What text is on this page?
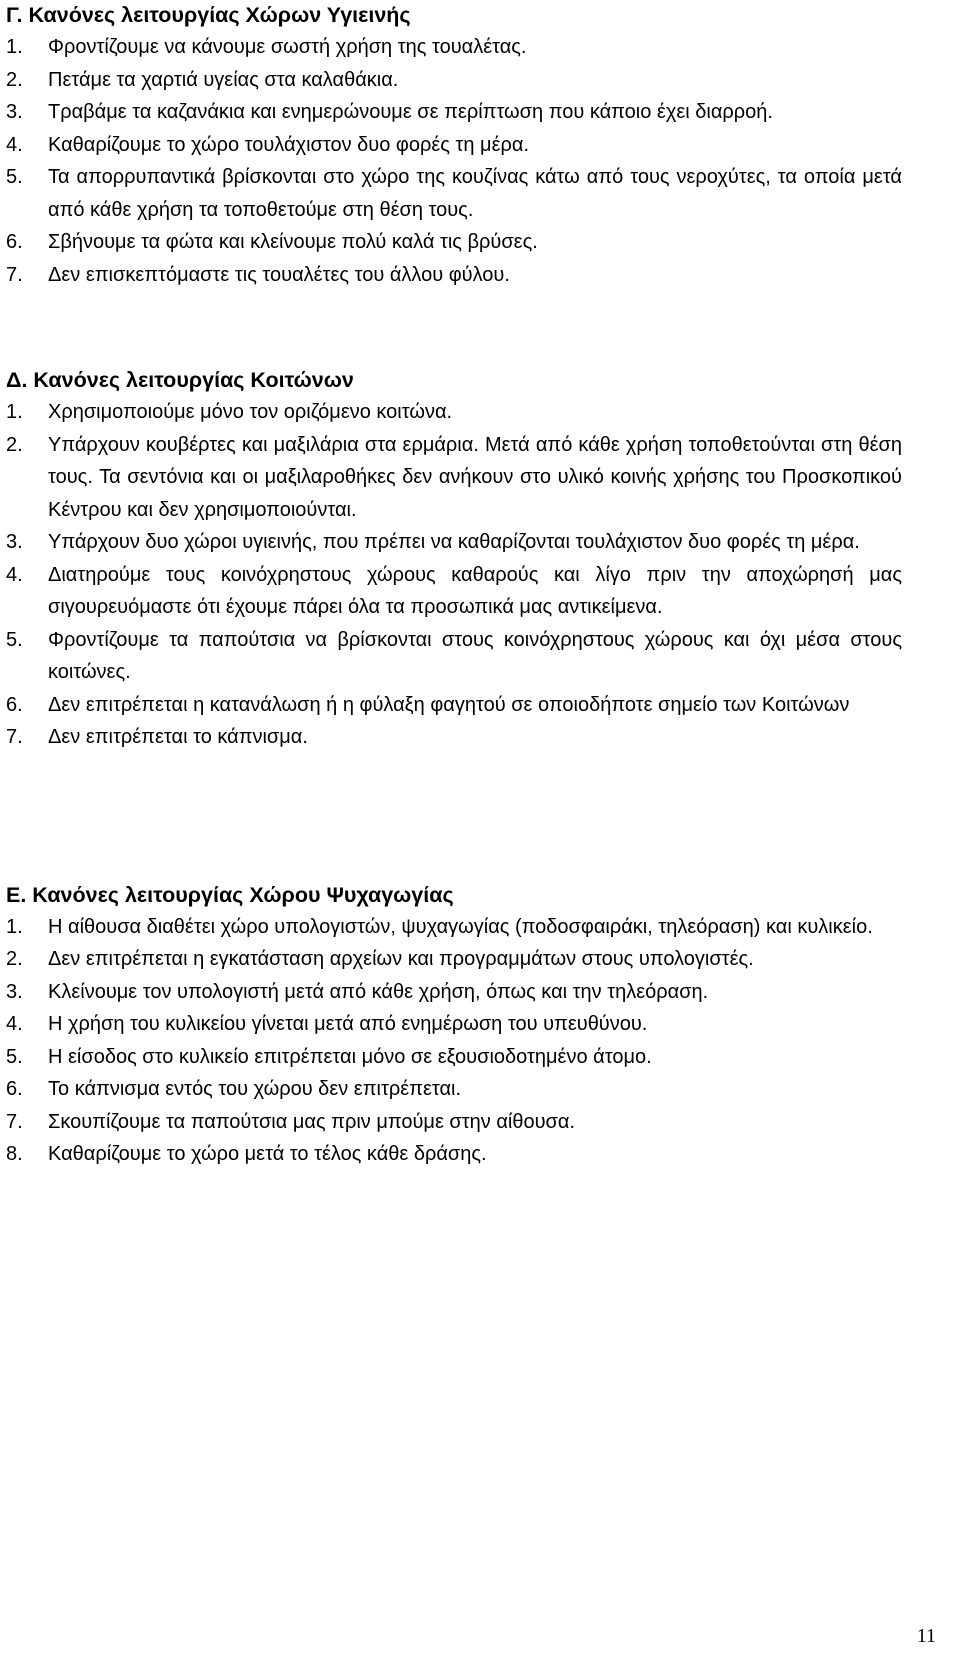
Γ. Κανόνες λειτουργίας Χώρων Υγιεινής
1.	Φροντίζουμε να κάνουμε σωστή χρήση της τουαλέτας.
2.	Πετάμε τα χαρτιά υγείας στα καλαθάκια.
3.	Τραβάμε τα καζανάκια και ενημερώνουμε σε περίπτωση που κάποιο έχει διαρροή.
4.	Καθαρίζουμε το χώρο τουλάχιστον δυο φορές τη μέρα.
5.	Τα απορρυπαντικά βρίσκονται στο χώρο της κουζίνας κάτω από τους νεροχύτες, τα οποία μετά από κάθε χρήση τα τοποθετούμε στη θέση τους.
6.	Σβήνουμε τα φώτα και κλείνουμε πολύ καλά τις βρύσες.
7.	Δεν επισκεπτόμαστε τις τουαλέτες του άλλου φύλου.
Δ. Κανόνες λειτουργίας Κοιτώνων
1.	Χρησιμοποιούμε μόνο τον οριζόμενο κοιτώνα.
2.	Υπάρχουν κουβέρτες και μαξιλάρια στα ερμάρια. Μετά από κάθε χρήση τοποθετούνται στη θέση τους. Τα σεντόνια και οι μαξιλαροθήκες δεν ανήκουν στο υλικό κοινής χρήσης του Προσκοπικού Κέντρου και δεν χρησιμοποιούνται.
3.	Υπάρχουν δυο χώροι υγιεινής, που πρέπει να καθαρίζονται τουλάχιστον δυο φορές τη μέρα.
4.	Διατηρούμε τους κοινόχρηστους χώρους καθαρούς και λίγο πριν την αποχώρησή μας σιγουρευόμαστε ότι έχουμε πάρει όλα τα προσωπικά μας αντικείμενα.
5.	Φροντίζουμε τα παπούτσια να βρίσκονται στους κοινόχρηστους χώρους και όχι μέσα στους κοιτώνες.
6.	Δεν επιτρέπεται η κατανάλωση ή η φύλαξη φαγητού σε οποιοδήποτε σημείο των Κοιτώνων
7.	Δεν επιτρέπεται το κάπνισμα.
Ε. Κανόνες λειτουργίας Χώρου Ψυχαγωγίας
1.	Η αίθουσα διαθέτει χώρο υπολογιστών, ψυχαγωγίας (ποδοσφαιράκι, τηλεόραση) και κυλικείο.
2.	Δεν επιτρέπεται η εγκατάσταση αρχείων και προγραμμάτων στους υπολογιστές.
3.	Κλείνουμε τον υπολογιστή μετά από κάθε χρήση, όπως και την τηλεόραση.
4.	Η χρήση του κυλικείου γίνεται μετά από ενημέρωση του υπευθύνου.
5.	Η είσοδος στο κυλικείο επιτρέπεται μόνο σε εξουσιοδοτημένο άτομο.
6.	Το κάπνισμα εντός του χώρου δεν επιτρέπεται.
7.	Σκουπίζουμε τα παπούτσια μας πριν μπούμε στην αίθουσα.
8.	Καθαρίζουμε το χώρο μετά το τέλος κάθε δράσης.
11
